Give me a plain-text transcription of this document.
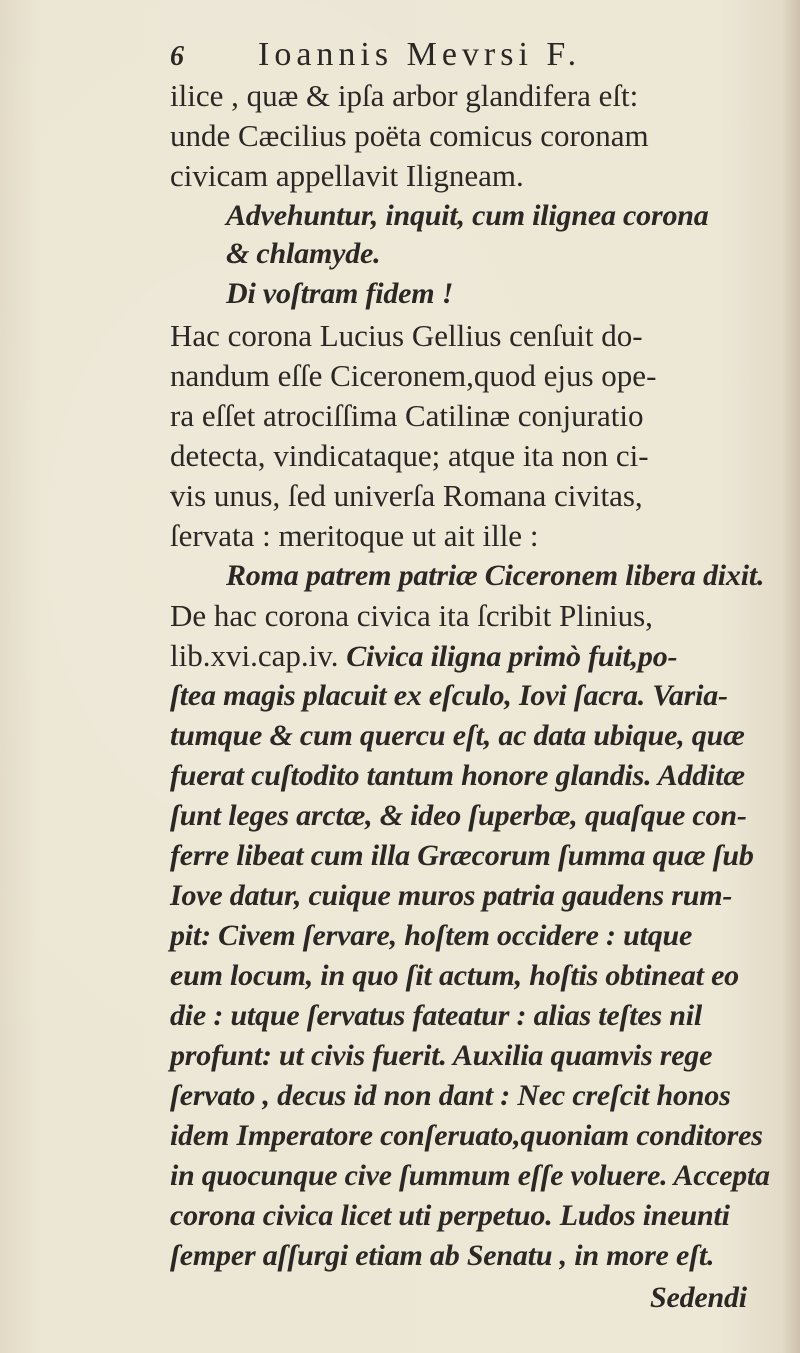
6	Ioannis Mevrsi F.
ilice , quæ & ipſa arbor glandifera eſt:
unde Cæcilius poëta comicus coronam
civicam appellavit Iligneam.
Advehuntur, inquit, cum ilignea corona
& chlamyde.
Di voſtram fidem !
Hac corona Lucius Gellius cenſuit do-
nandum eſſe Ciceronem,quod ejus ope-
ra eſſet atrociſſima Catilinæ conjuratio
detecta, vindicataque; atque ita non ci-
vis unus, ſed univerſa Romana civitas,
ſervata : meritoque ut ait ille :
Roma patrem patriæ Ciceronem libera dixit.
De hac corona civica ita ſcribit Plinius,
lib.xvi.cap.iv. Civica iligna primò fuit,po-
ſtea magis placuit ex eſculo, Iovi ſacra. Varia-
tumque & cum quercu eſt, ac data ubique, quæ
fuerat cuſtodito tantum honore glandis. Additæ
ſunt leges arctæ, & ideo ſuperbæ, quaſque con-
ferre libeat cum illa Græcorum ſumma quæ ſub
Iove datur, cuique muros patria gaudens rum-
pit: Civem ſervare, hoſtem occidere : utque
eum locum, in quo ſit actum, hoſtis obtineat eo
die : utque ſervatus fateatur : alias teſtes nil
profunt: ut civis fuerit. Auxilia quamvis rege
ſervato , decus id non dant : Nec creſcit honos
idem Imperatore conſeruato,quoniam conditores
in quocunque cive ſummum eſſe voluere. Accepta
corona civica licet uti perpetuo. Ludos ineunti
ſemper aſſurgi etiam ab Senatu , in more eſt.
Sedendi
